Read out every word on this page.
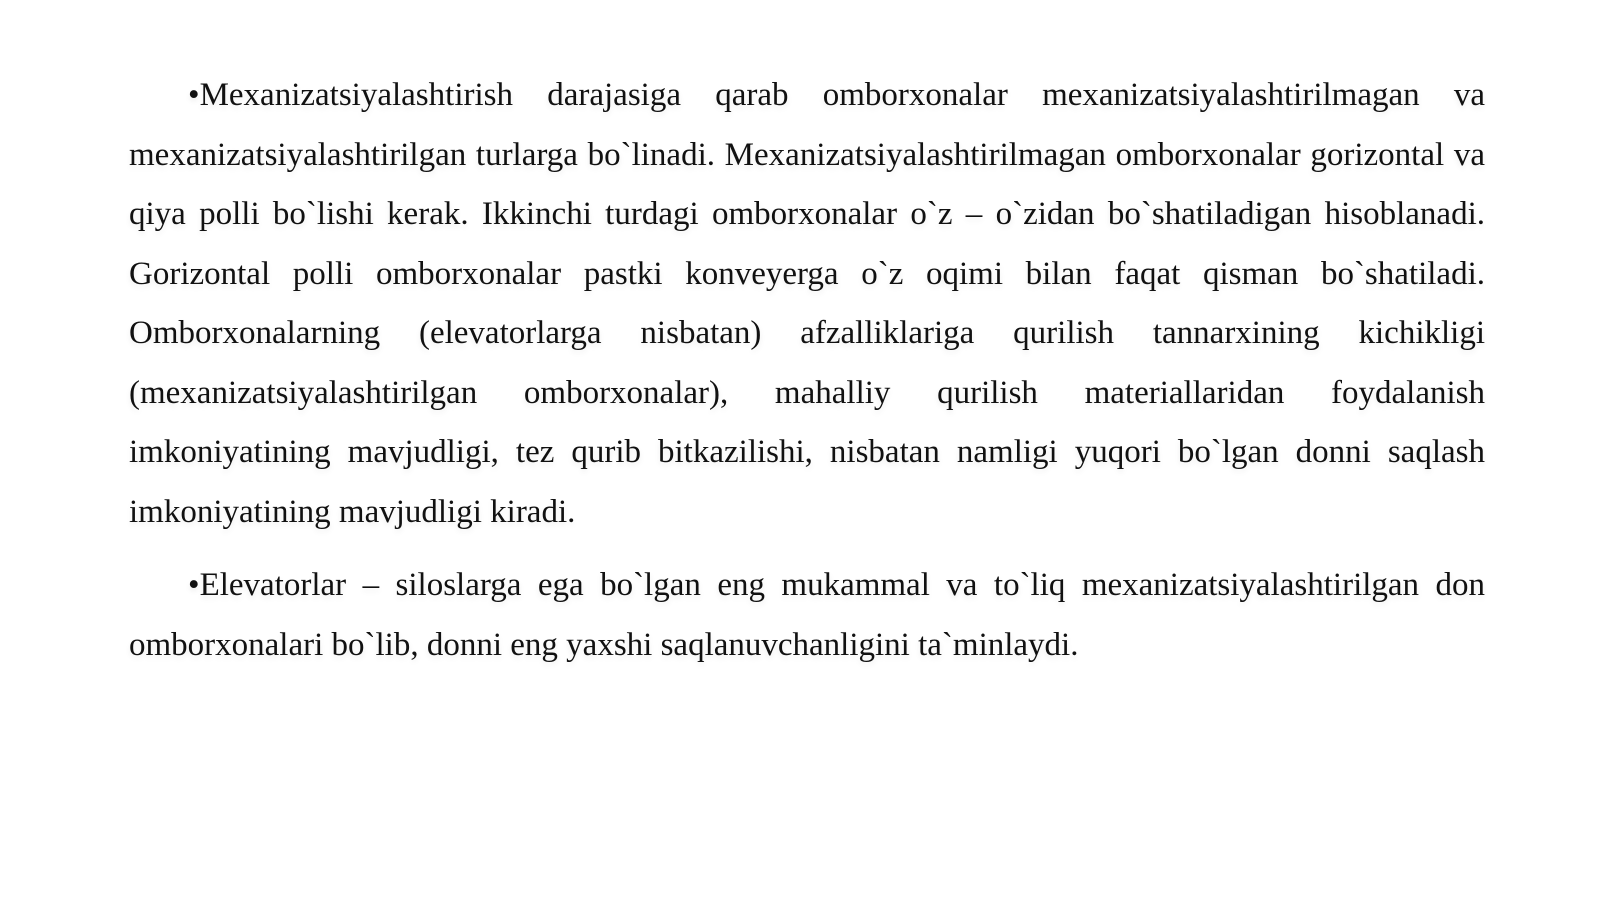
•Mexanizatsiyalashtirish darajasiga qarab omborxonalar mexanizatsiyalashtirilmagan va mexanizatsiyalashtirilgan turlarga bo`linadi. Mexanizatsiyalashtirilmagan omborxonalar gorizontal va qiya polli bo`lishi kerak. Ikkinchi turdagi omborxonalar o`z – o`zidan bo`shatiladigan hisoblanadi. Gorizontal polli omborxonalar pastki konveyerga o`z oqimi bilan faqat qisman bo`shatiladi. Omborxonalarning (elevatorlarga nisbatan) afzalliklariga qurilish tannarxining kichikligi (mexanizatsiyalashtirilgan omborxonalar), mahalliy qurilish materiallaridan foydalanish imkoniyatining mavjudligi, tez qurib bitkazilishi, nisbatan namligi yuqori bo`lgan donni saqlash imkoniyatining mavjudligi kiradi.

•Elevatorlar – siloslarga ega bo`lgan eng mukammal va to`liq mexanizatsiyalashtirilgan don omborxonalari bo`lib, donni eng yaxshi saqlanuvchanligini ta`minlaydi.
